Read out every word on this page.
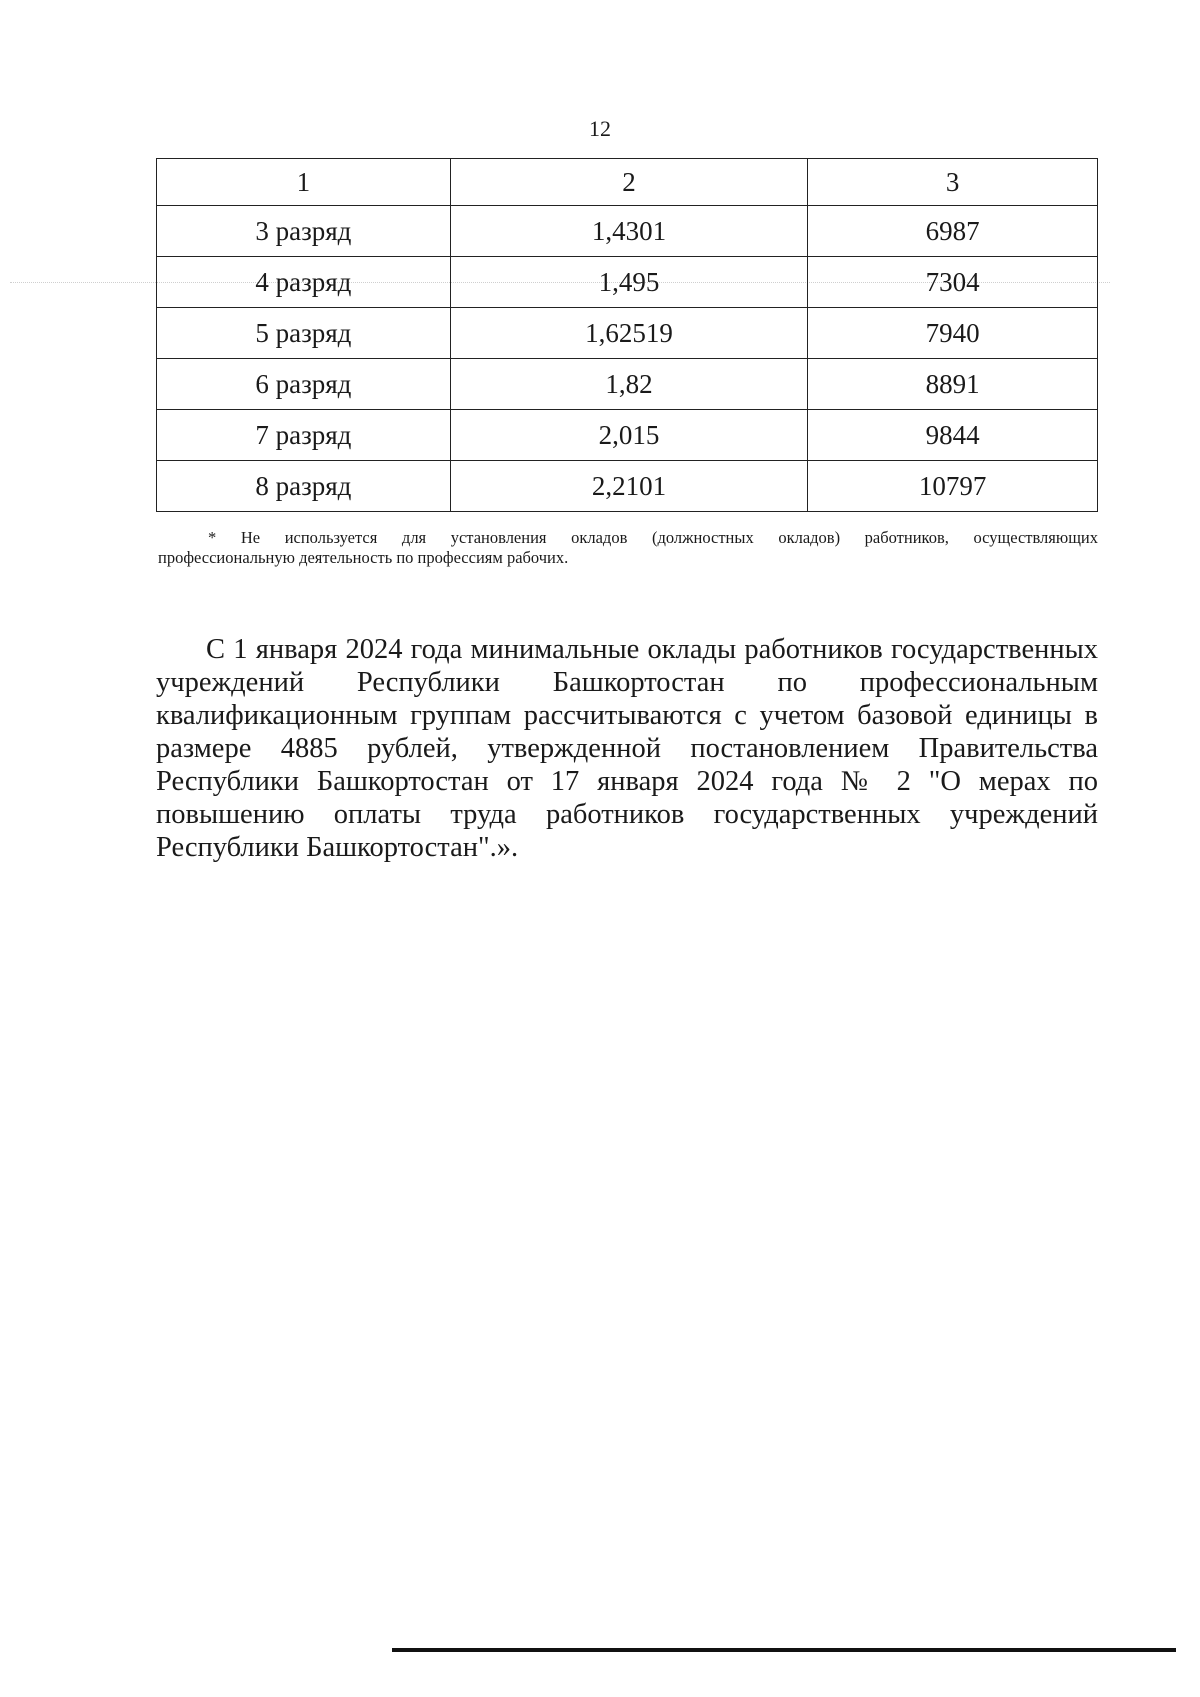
12
1	2	3
3 разряд	1,4301	6987
4 разряд	1,495	7304
5 разряд	1,62519	7940
6 разряд	1,82	8891
7 разряд	2,015	9844
8 разряд	2,2101	10797
* Не используется для установления окладов (должностных окладов) работников, осуществляющих
профессиональную деятельность по профессиям рабочих.

С 1 января 2024 года минимальные оклады работников государственных учреждений Республики Башкортостан по профессиональным квалификационным группам рассчитываются с учетом базовой единицы в размере 4885 рублей, утвержденной постановлением Правительства Республики Башкортостан от 17 января 2024 года № 2 "О мерах по повышению оплаты труда работников государственных учреждений Республики Башкортостан".».
